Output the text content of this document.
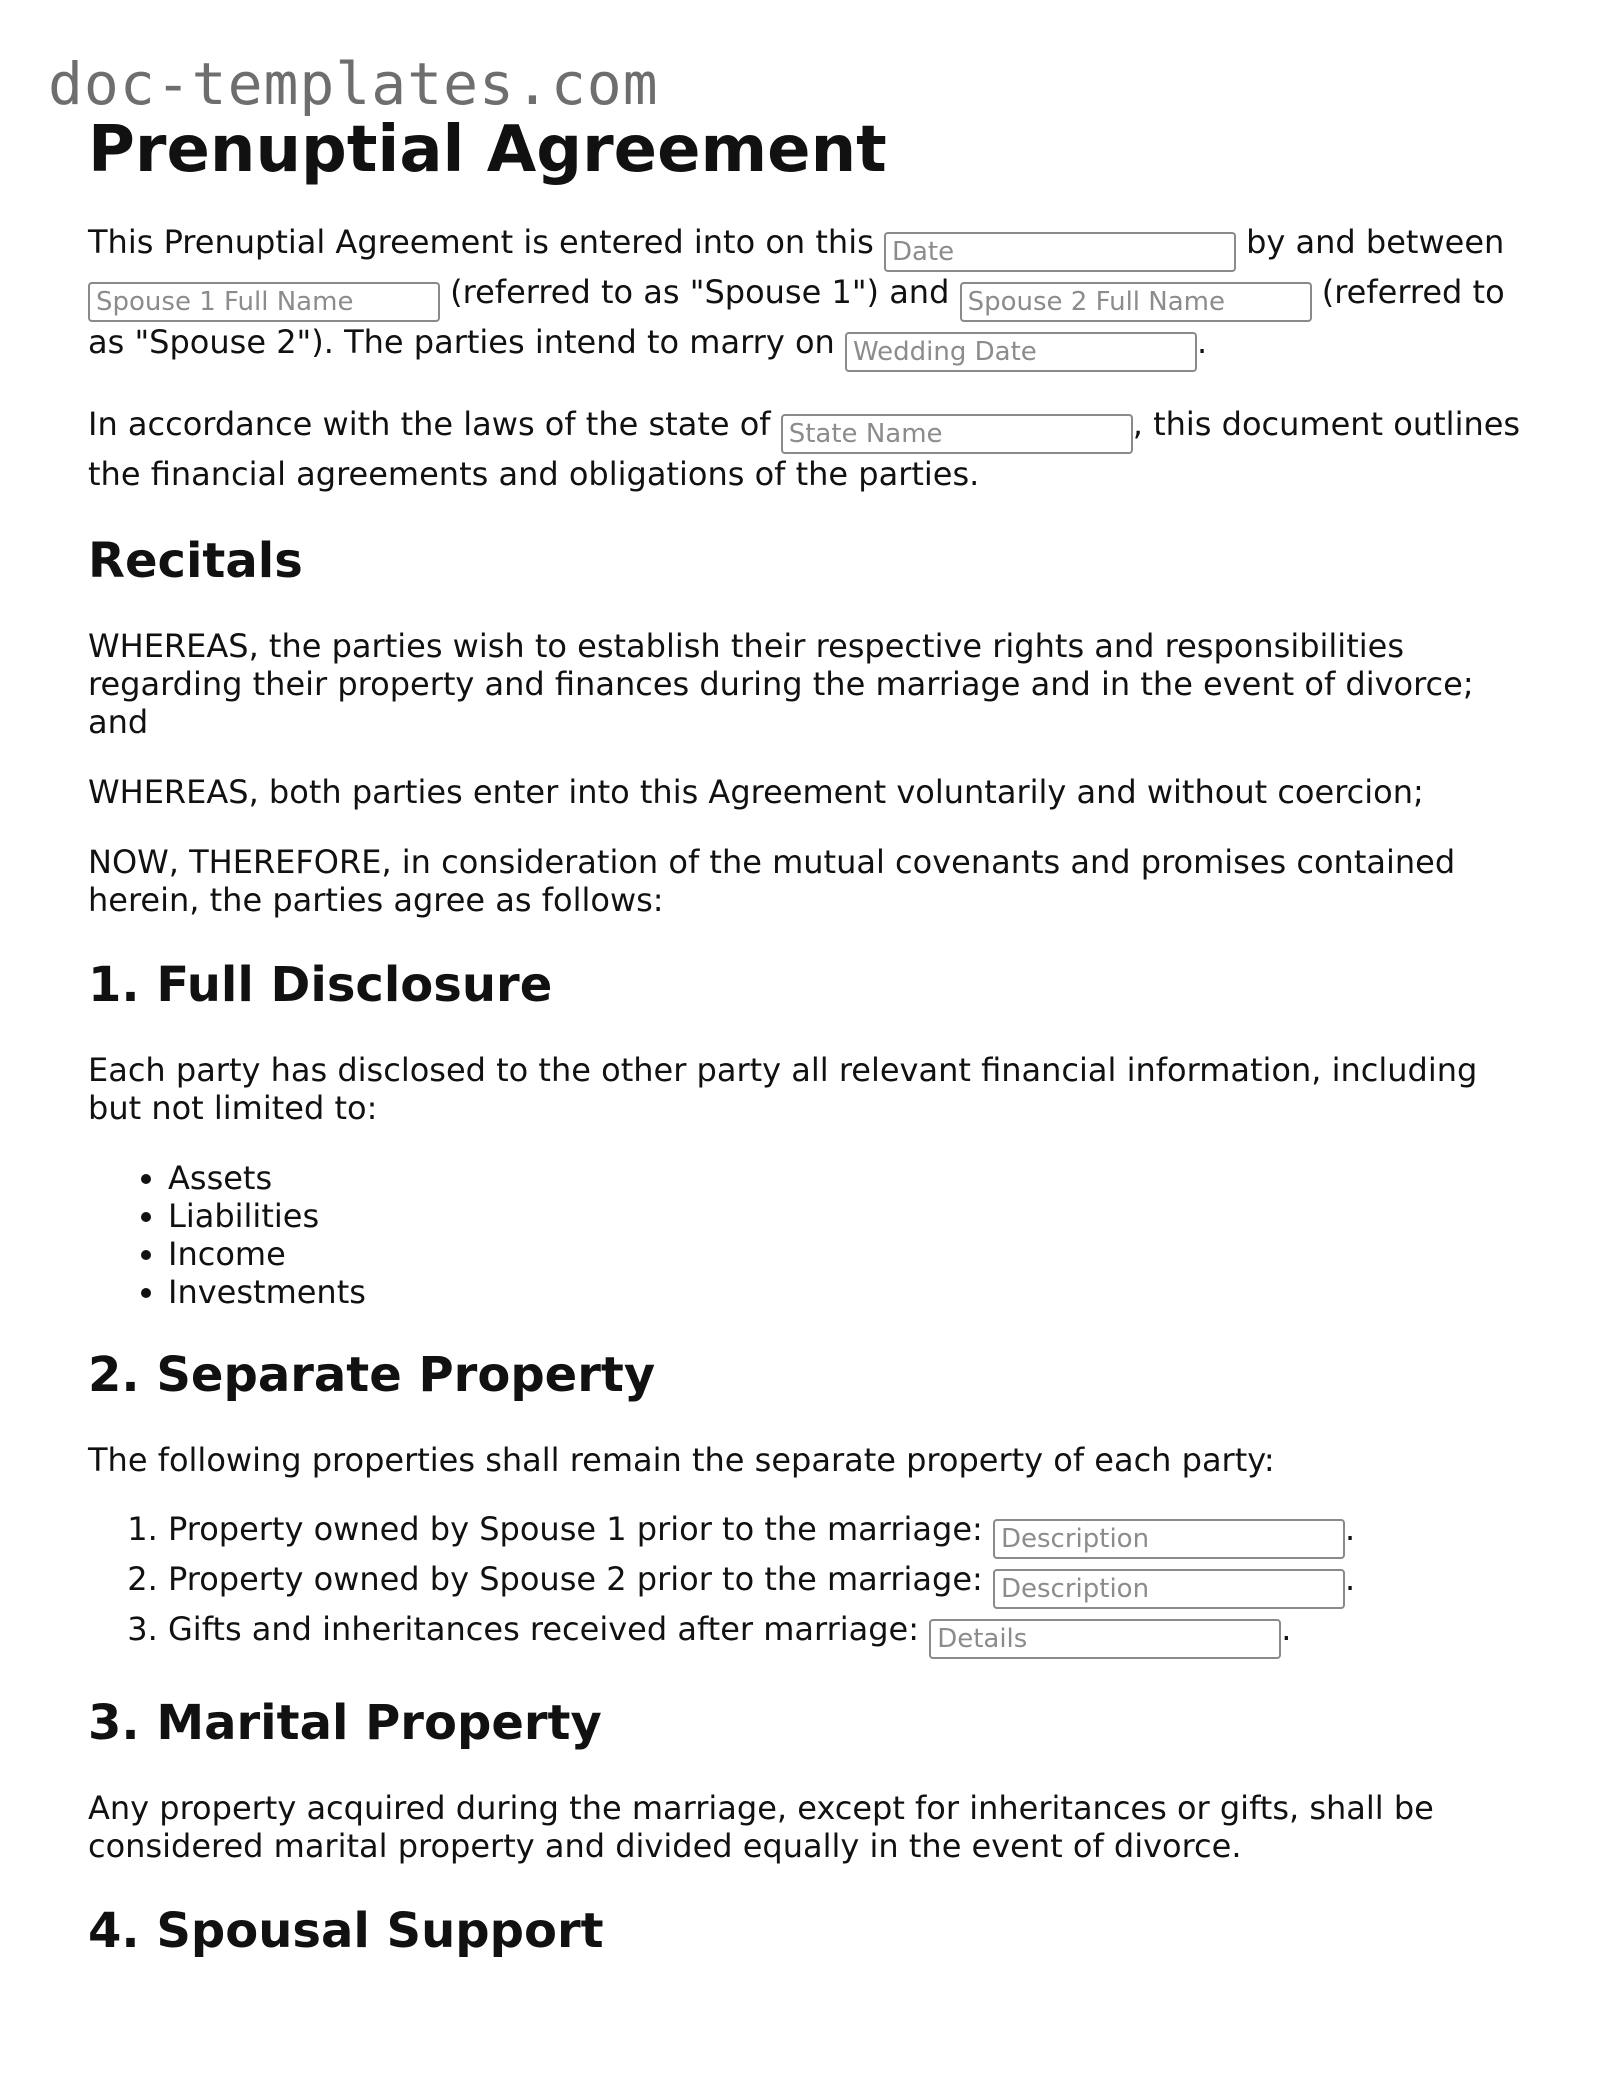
doc-templates.com
Prenuptial Agreement

This Prenuptial Agreement is entered into on this Date	by and between Spouse 1 Full Name (referred to as "Spouse 1") and Spouse 2 Full Name	(referred to as "Spouse 2"). The parties intend to marry on Wedding Date	.

In accordance with the laws of the state of State Name	, this document outlines the financial agreements and obligations of the parties.

Recitals

WHEREAS, the parties wish to establish their respective rights and responsibilities regarding their property and finances during the marriage and in the event of divorce; and

WHEREAS, both parties enter into this Agreement voluntarily and without coercion;

NOW, THEREFORE, in consideration of the mutual covenants and promises contained herein, the parties agree as follows:

1. Full Disclosure

Each party has disclosed to the other party all relevant financial information, including but not limited to:

• Assets
• Liabilities
• Income
• Investments
2. Separate Property

The following properties shall remain the separate property of each party:

1. Property owned by Spouse 1 prior to the marriage: Description	.
2. Property owned by Spouse 2 prior to the marriage: Description	.
3. Gifts and inheritances received after marriage: Details	.
3. Marital Property

Any property acquired during the marriage, except for inheritances or gifts, shall be considered marital property and divided equally in the event of divorce.

4. Spousal Support
